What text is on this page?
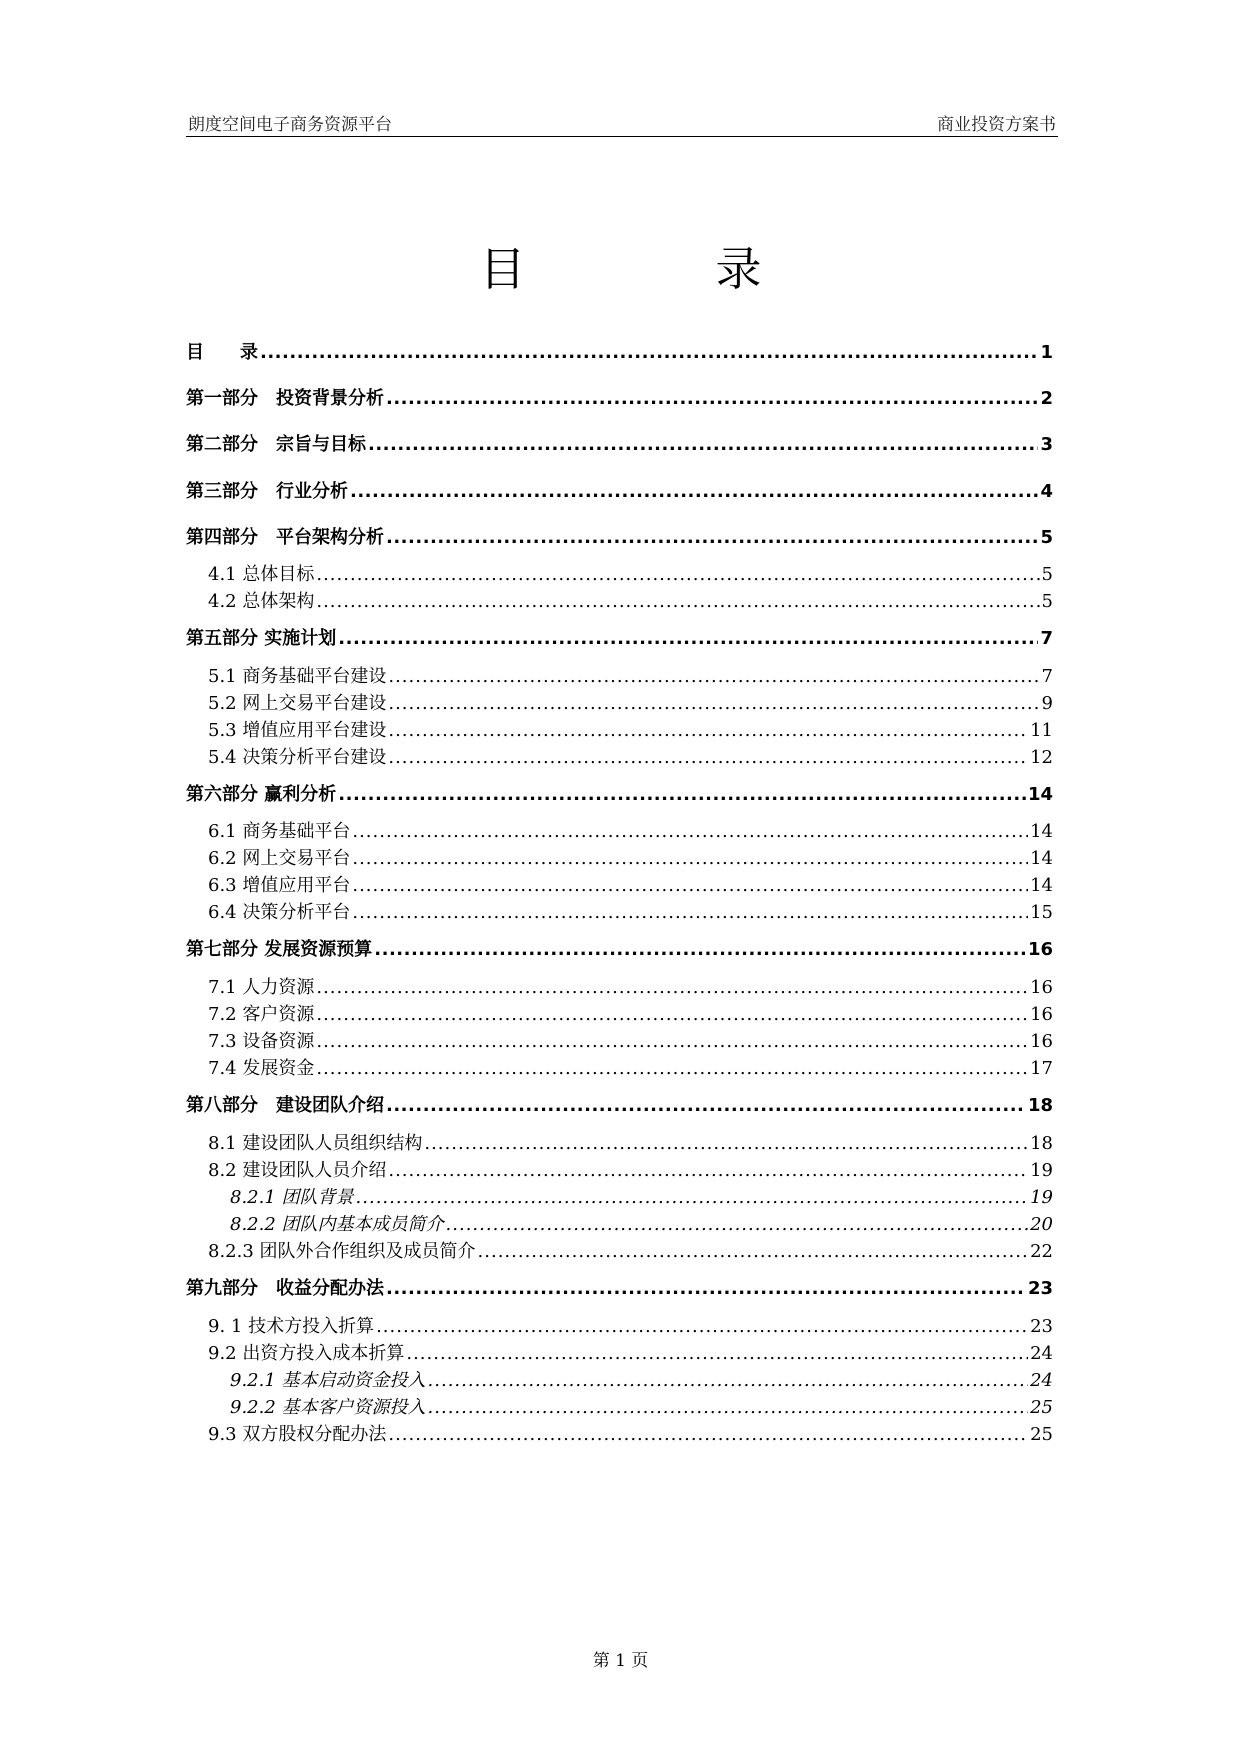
朗度空间电子商务资源平台	商业投资方案书
目　录
目　　录 .....	1
第一部分　投资背景分析 .....	2
第二部分　宗旨与目标 .....	3
第三部分　行业分析 .....	4
第四部分　平台架构分析 .....	5
4.1 总体目标 .....	5
4.2 总体架构 .....	5
第五部分 实施计划 .....	7
5.1 商务基础平台建设 .....	7
5.2 网上交易平台建设 .....	9
5.3 增值应用平台建设 .....	11
5.4 决策分析平台建设 .....	12
第六部分 赢利分析 .....	14
6.1 商务基础平台 .....	14
6.2 网上交易平台 .....	14
6.3 增值应用平台 .....	14
6.4 决策分析平台 .....	15
第七部分 发展资源预算 .....	16
7.1 人力资源 .....	16
7.2 客户资源 .....	16
7.3 设备资源 .....	16
7.4 发展资金 .....	17
第八部分　建设团队介绍 .....	18
8.1 建设团队人员组织结构 .....	18
8.2 建设团队人员介绍 .....	19
8.2.1 团队背景 .....	19
8.2.2 团队内基本成员简介 .....	20
8.2.3 团队外合作组织及成员简介 .....	22
第九部分　收益分配办法 .....	23
9. 1 技术方投入折算 .....	23
9.2 出资方投入成本折算 .....	24
9.2.1 基本启动资金投入 .....	24
9.2.2 基本客户资源投入 .....	25
9.3 双方股权分配办法 .....	25
第 1 页
